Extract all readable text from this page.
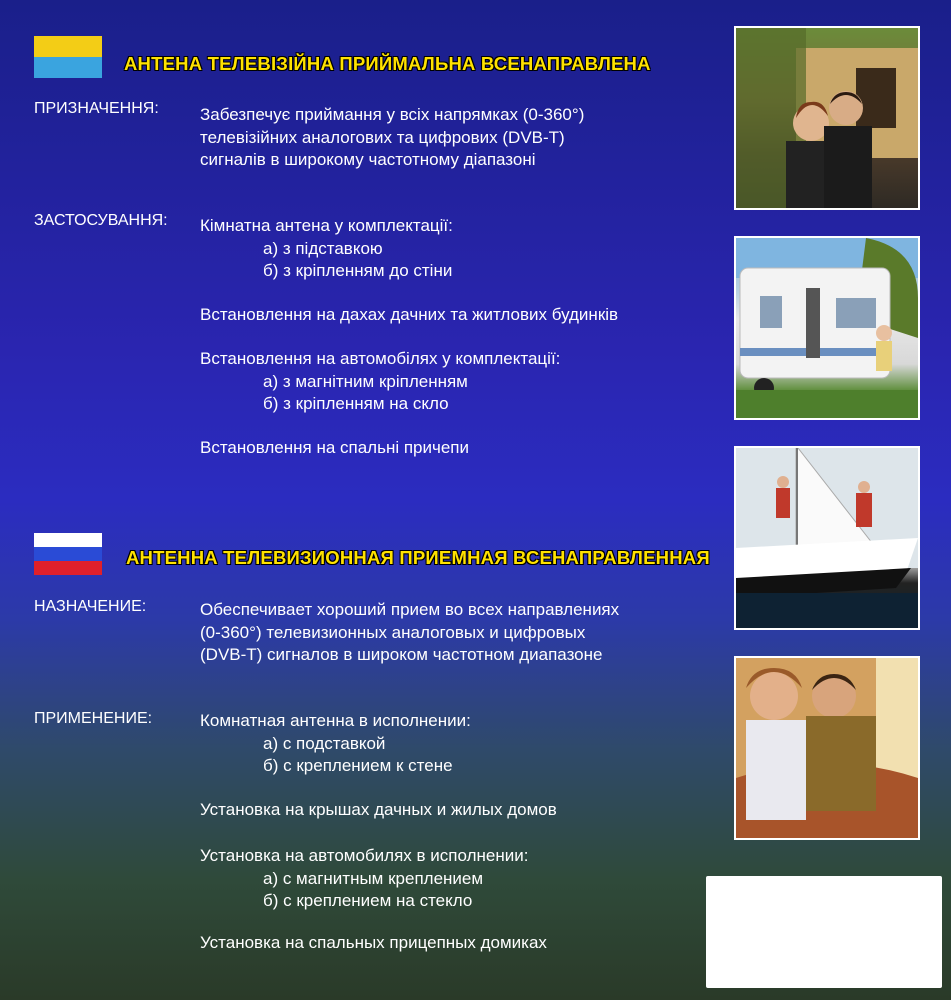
АНТЕНА ТЕЛЕВІЗІЙНА ПРИЙМАЛЬНА ВСЕНАПРАВЛЕНА
ПРИЗНАЧЕННЯ: Забезпечує приймання у всіх напрямках (0-360°)
телевізійних аналогових та цифрових (DVB-T)
сигналів в широкому частотному діапазоні
ЗАСТОСУВАННЯ: Кімнатна антена у комплектації:
а) з підставкою
б) з кріпленням до стіни
Встановлення на дахах дачних та житлових будинків
Встановлення на автомобілях у комплектації:
а) з магнітним кріпленням
б) з кріпленням на скло
Встановлення на спальні причепи
АНТЕННА ТЕЛЕВИЗИОННАЯ ПРИЕМНАЯ ВСЕНАПРАВЛЕННАЯ
НАЗНАЧЕНИЕ:	Обеспечивает хороший прием во всех направлениях
(0-360°) телевизионных аналоговых и цифровых
(DVB-T) сигналов в широком частотном диапазоне
ПРИМЕНЕНИЕ:	Комнатная антенна в исполнении:
а) с подставкой
б) с креплением к стене
Установка на крышах дачных и жилых домов
Установка на автомобилях в исполнении:
а) с магнитным креплением
б) с креплением на стекло
Установка на спальных прицепных домиках
